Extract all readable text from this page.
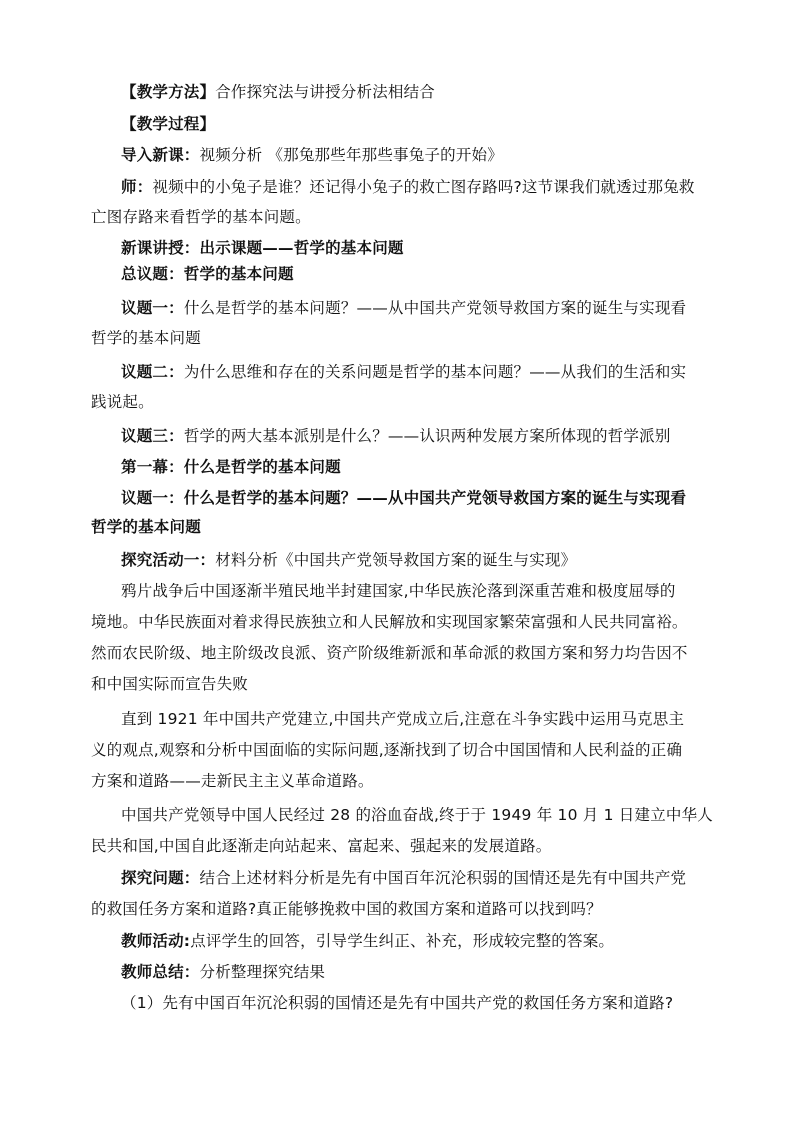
【教学方法】合作探究法与讲授分析法相结合
【教学过程】
导入新课：视频分析 《那兔那些年那些事兔子的开始》
师：视频中的小兔子是谁？还记得小兔子的救亡图存路吗?这节课我们就透过那兔救
亡图存路来看哲学的基本问题。
新课讲授：出示课题——哲学的基本问题
总议题：哲学的基本问题
议题一：什么是哲学的基本问题？——从中国共产党领导救国方案的诞生与实现看
哲学的基本问题
议题二：为什么思维和存在的关系问题是哲学的基本问题？——从我们的生活和实
践说起。
议题三：哲学的两大基本派别是什么？——认识两种发展方案所体现的哲学派别
第一幕：什么是哲学的基本问题
议题一：什么是哲学的基本问题？——从中国共产党领导救国方案的诞生与实现看
哲学的基本问题
探究活动一：材料分析《中国共产党领导救国方案的诞生与实现》
鸦片战争后中国逐渐半殖民地半封建国家,中华民族沦落到深重苦难和极度屈辱的
境地。中华民族面对着求得民族独立和人民解放和实现国家繁荣富强和人民共同富裕。
然而农民阶级、地主阶级改良派、资产阶级维新派和革命派的救国方案和努力均告因不
和中国实际而宣告失败
直到 1921 年中国共产党建立,中国共产党成立后,注意在斗争实践中运用马克思主
义的观点,观察和分析中国面临的实际问题,逐渐找到了切合中国国情和人民利益的正确
方案和道路——走新民主主义革命道路。
中国共产党领导中国人民经过 28 的浴血奋战,终于于 1949 年 10 月 1 日建立中华人
民共和国,中国自此逐渐走向站起来、富起来、强起来的发展道路。
探究问题：结合上述材料分析是先有中国百年沉沦积弱的国情还是先有中国共产党
的救国任务方案和道路?真正能够挽救中国的救国方案和道路可以找到吗？
教师活动:点评学生的回答，引导学生纠正、补充，形成较完整的答案。
教师总结：分析整理探究结果
（1）先有中国百年沉沦积弱的国情还是先有中国共产党的救国任务方案和道路?
